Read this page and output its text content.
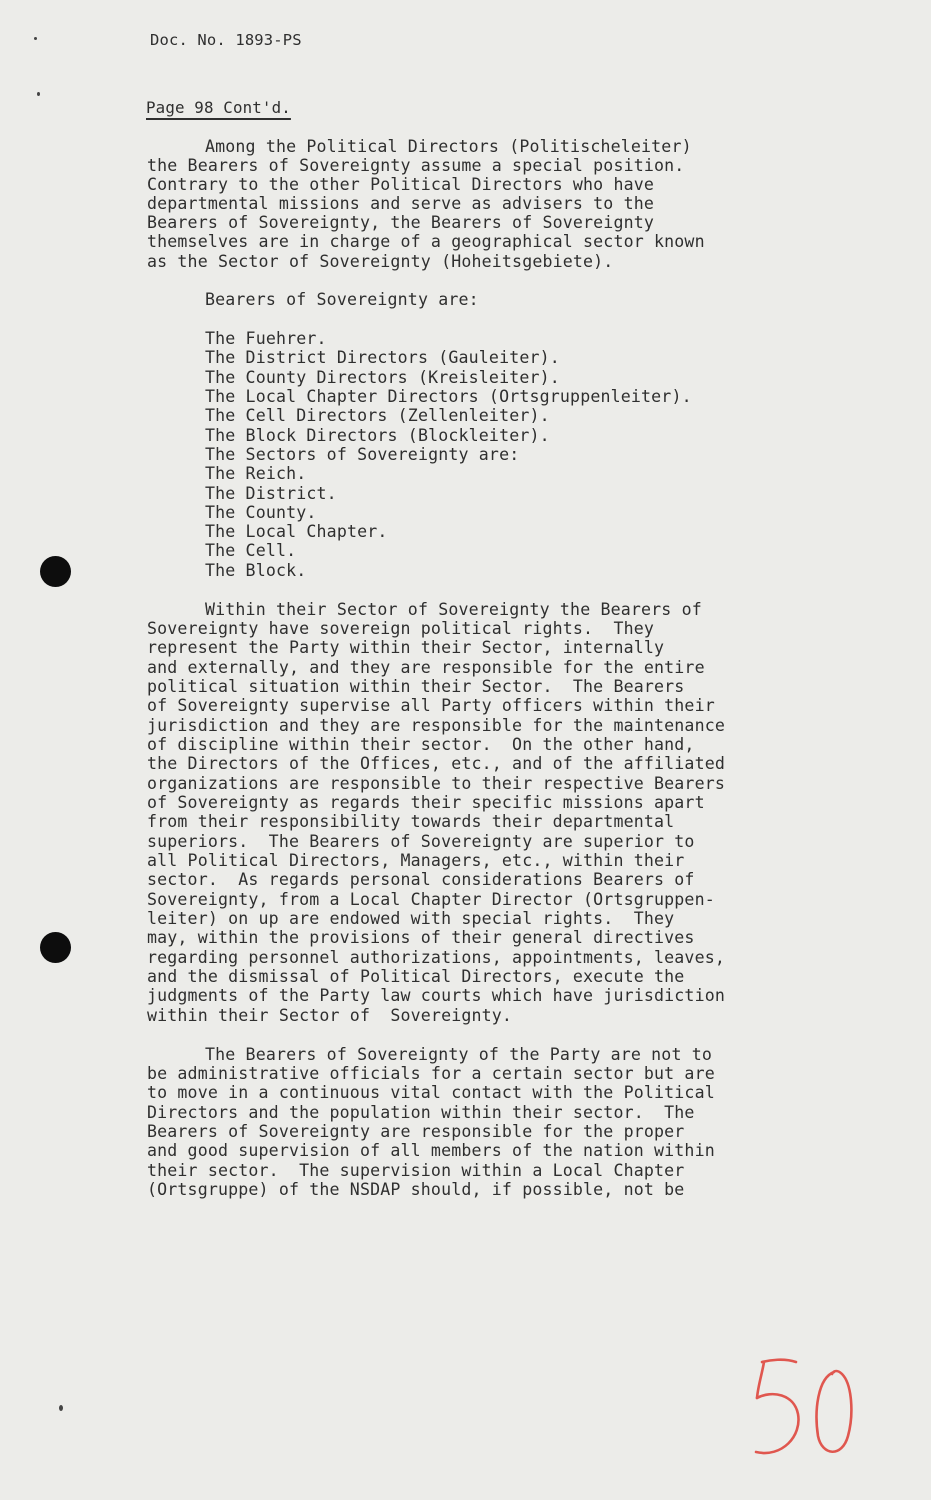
Doc. No. 1893-PS
Page 98 Cont'd.
Among the Political Directors (Politischeleiter)
the Bearers of Sovereignty assume a special position.
Contrary to the other Political Directors who have
departmental missions and serve as advisers to the
Bearers of Sovereignty, the Bearers of Sovereignty
themselves are in charge of a geographical sector known
as the Sector of Sovereignty (Hoheitsgebiete).
Bearers of Sovereignty are:
The Fuehrer.
The District Directors (Gauleiter).
The County Directors (Kreisleiter).
The Local Chapter Directors (Ortsgruppenleiter).
The Cell Directors (Zellenleiter).
The Block Directors (Blockleiter).
The Sectors of Sovereignty are:
The Reich.
The District.
The County.
The Local Chapter.
The Cell.
The Block.
Within their Sector of Sovereignty the Bearers of
Sovereignty have sovereign political rights.  They
represent the Party within their Sector, internally
and externally, and they are responsible for the entire
political situation within their Sector.  The Bearers
of Sovereignty supervise all Party officers within their
jurisdiction and they are responsible for the maintenance
of discipline within their sector.  On the other hand,
the Directors of the Offices, etc., and of the affiliated
organizations are responsible to their respective Bearers
of Sovereignty as regards their specific missions apart
from their responsibility towards their departmental
superiors.  The Bearers of Sovereignty are superior to
all Political Directors, Managers, etc., within their
sector.  As regards personal considerations Bearers of
Sovereignty, from a Local Chapter Director (Ortsgruppen-
leiter) on up are endowed with special rights.  They
may, within the provisions of their general directives
regarding personnel authorizations, appointments, leaves,
and the dismissal of Political Directors, execute the
judgments of the Party law courts which have jurisdiction
within their Sector of  Sovereignty.
The Bearers of Sovereignty of the Party are not to
be administrative officials for a certain sector but are
to move in a continuous vital contact with the Political
Directors and the population within their sector.  The
Bearers of Sovereignty are responsible for the proper
and good supervision of all members of the nation within
their sector.  The supervision within a Local Chapter
(Ortsgruppe) of the NSDAP should, if possible, not be
